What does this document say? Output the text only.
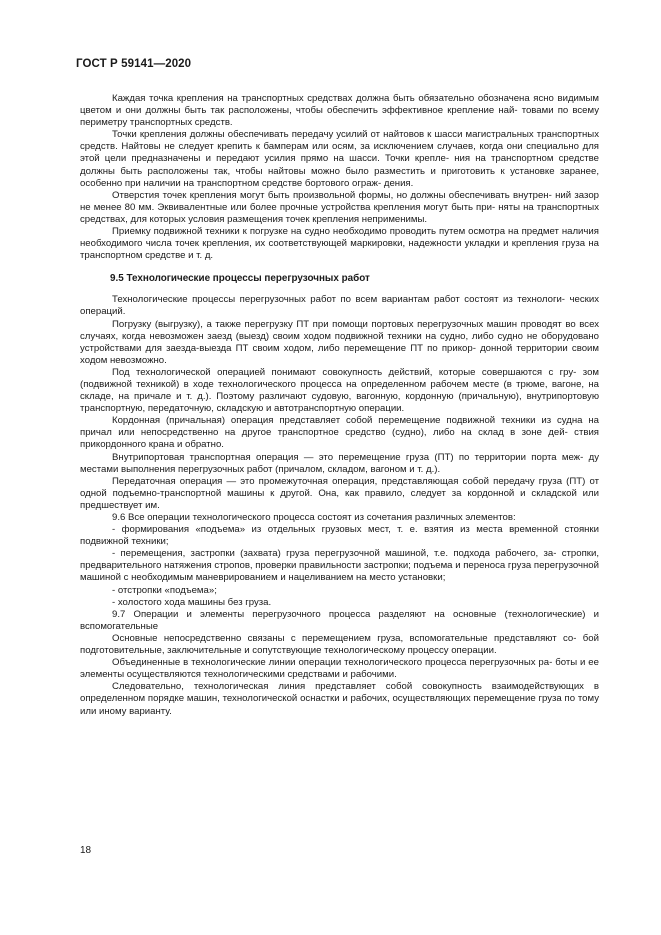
ГОСТ Р 59141—2020

Каждая точка крепления на транспортных средствах должна быть обязательно обозначена ясно видимым цветом и они должны быть так расположены, чтобы обеспечить эффективное крепление най- товами по всему периметру транспортных средств.

Точки крепления должны обеспечивать передачу усилий от найтовов к шасси магистральных транспортных средств. Найтовы не следует крепить к бамперам или осям, за исключением случаев, когда они специально для этой цели предназначены и передают усилия прямо на шасси. Точки крепле- ния на транспортном средстве должны быть расположены так, чтобы найтовы можно было разместить и приготовить к установке заранее, особенно при наличии на транспортном средстве бортового ограж- дения.

Отверстия точек крепления могут быть произвольной формы, но должны обеспечивать внутрен- ний зазор не менее 80 мм. Эквивалентные или более прочные устройства крепления могут быть при- няты на транспортных средствах, для которых условия размещения точек крепления неприменимы.

Приемку подвижной техники к погрузке на судно необходимо проводить путем осмотра на предмет наличия необходимого числа точек крепления, их соответствующей маркировки, надежности укладки и крепления груза на транспортном средстве и т. д.

9.5 Технологические процессы перегрузочных работ

Технологические процессы перегрузочных работ по всем вариантам работ состоят из технологи- ческих операций.

Погрузку (выгрузку), а также перегрузку ПТ при помощи портовых перегрузочных машин проводят во всех случаях, когда невозможен заезд (выезд) своим ходом подвижной техники на судно, либо судно не оборудовано устройствами для заезда-выезда ПТ своим ходом, либо перемещение ПТ по прикор- донной территории своим ходом невозможно.

Под технологической операцией понимают совокупность действий, которые совершаются с гру- зом (подвижной техникой) в ходе технологического процесса на определенном рабочем месте (в трюме, вагоне, на складе, на причале и т. д.). Поэтому различают судовую, вагонную, кордонную (причальную), внутрипортовую транспортную, передаточную, складскую и автотранспортную операции.

Кордонная (причальная) операция представляет собой перемещение подвижной техники из судна на причал или непосредственно на другое транспортное средство (судно), либо на склад в зоне дей- ствия прикордонного крана и обратно.

Внутрипортовая транспортная операция — это перемещение груза (ПТ) по территории порта меж- ду местами выполнения перегрузочных работ (причалом, складом, вагоном и т. д.).

Передаточная операция — это промежуточная операция, представляющая собой передачу груза (ПТ) от одной подъемно-транспортной машины к другой. Она, как правило, следует за кордонной и складской или предшествует им.

9.6 Все операции технологического процесса состоят из сочетания различных элементов:

- формирования «подъема» из отдельных грузовых мест, т. е. взятия из места временной стоянки подвижной техники;

- перемещения, застропки (захвата) груза перегрузочной машиной, т.е. подхода рабочего, за- стропки, предварительного натяжения стропов, проверки правильности застропки; подъема и переноса груза перегрузочной машиной с необходимым маневрированием и нацеливанием на место установки;

- отстропки «подъема»;

- холостого хода машины без груза.

9.7 Операции и элементы перегрузочного процесса разделяют на основные (технологические) и вспомогательные

Основные непосредственно связаны с перемещением груза, вспомогательные представляют со- бой подготовительные, заключительные и сопутствующие технологическому процессу операции.

Объединенные в технологические линии операции технологического процесса перегрузочных ра- боты и ее элементы осуществляются технологическими средствами и рабочими.

Следовательно, технологическая линия представляет собой совокупность взаимодействующих в определенном порядке машин, технологической оснастки и рабочих, осуществляющих перемещение груза по тому или иному варианту.

18
